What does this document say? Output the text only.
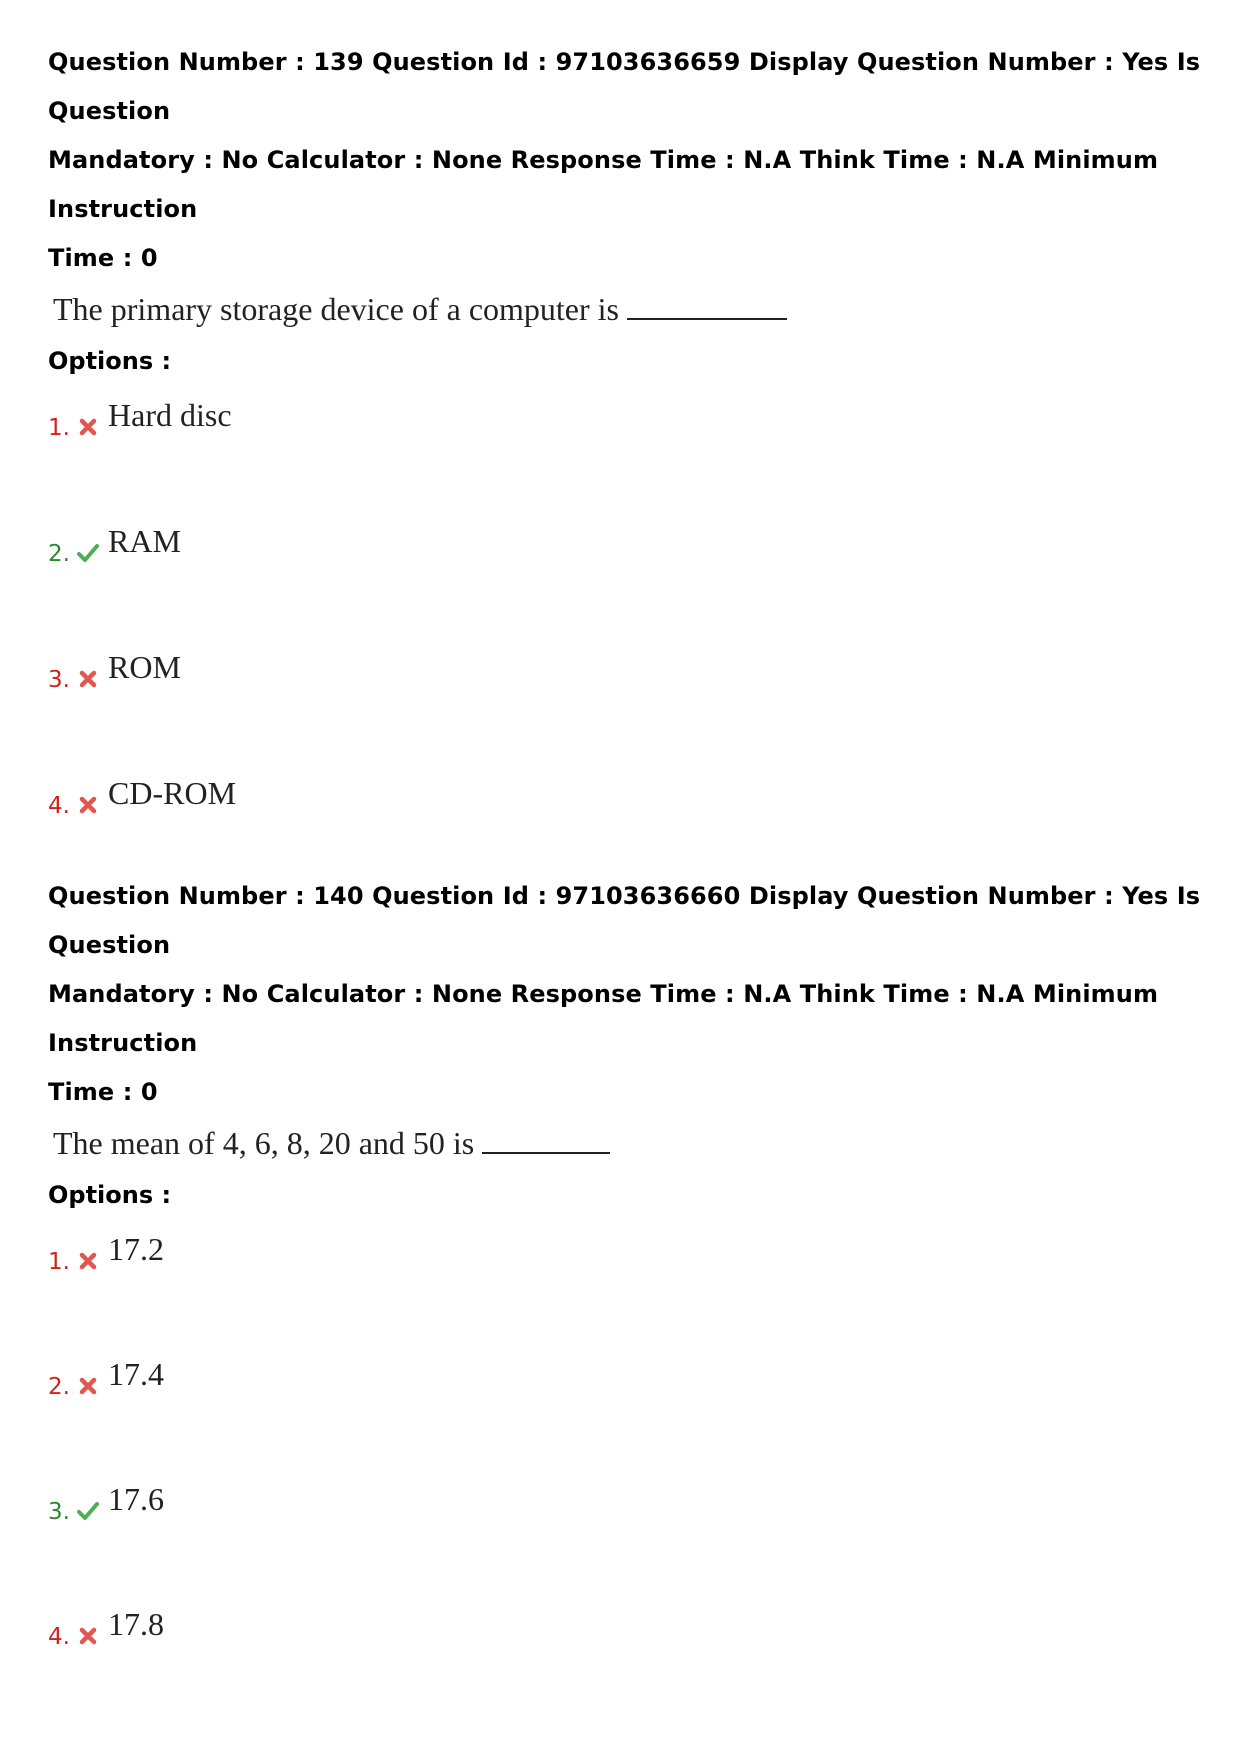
Question Number : 139 Question Id : 97103636659 Display Question Number : Yes Is Question

Mandatory : No Calculator : None Response Time : N.A Think Time : N.A Minimum Instruction

Time : 0

The primary storage device of a computer is

Options :

1. Hard disc
2. RAM
3. ROM
4. CD-ROM

Question Number : 140 Question Id : 97103636660 Display Question Number : Yes Is Question

Mandatory : No Calculator : None Response Time : N.A Think Time : N.A Minimum Instruction

Time : 0

The mean of 4, 6, 8, 20 and 50 is

Options :

1. 17.2
2. 17.4
3. 17.6
4. 17.8
